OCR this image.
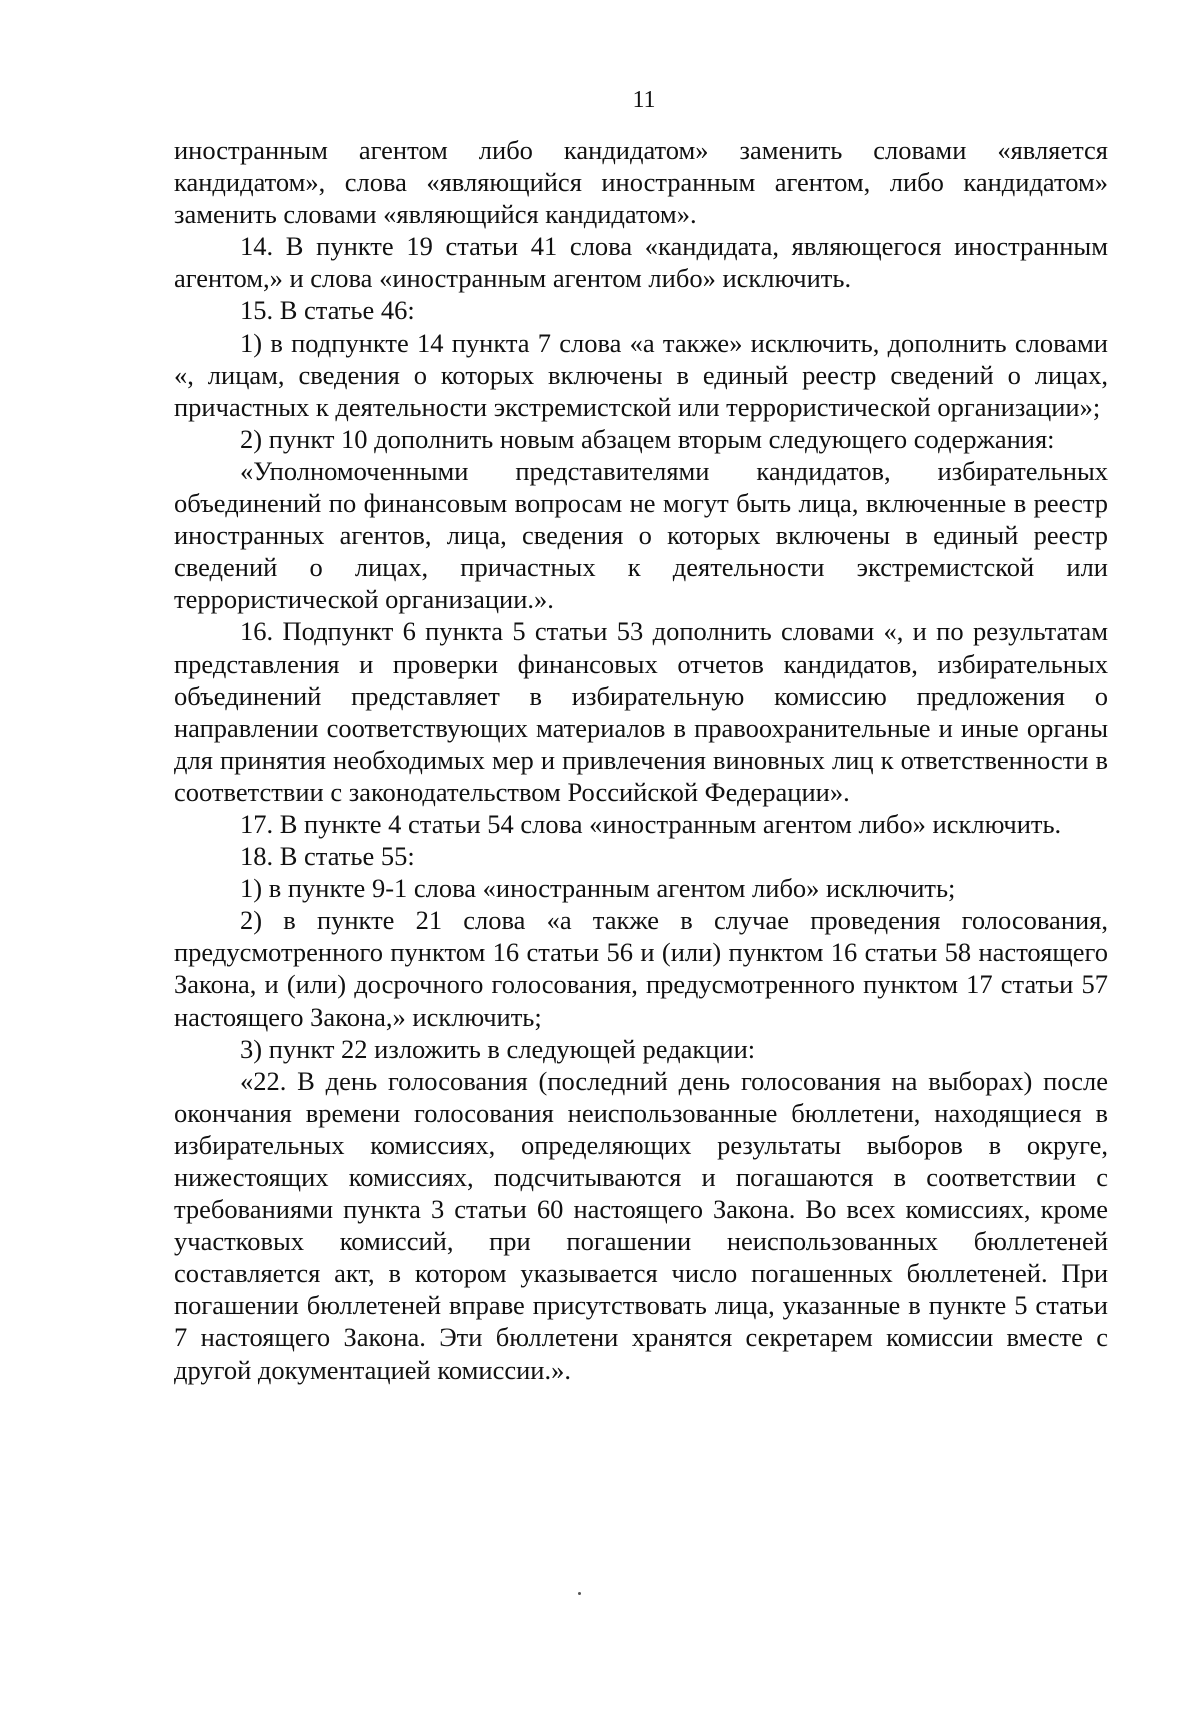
11

иностранным агентом либо кандидатом» заменить словами «является кандидатом», слова «являющийся иностранным агентом, либо кандидатом» заменить словами «являющийся кандидатом».

14. В пункте 19 статьи 41 слова «кандидата, являющегося иностранным агентом,» и слова «иностранным агентом либо» исключить.

15. В статье 46:

1) в подпункте 14 пункта 7 слова «а также» исключить, дополнить словами «, лицам, сведения о которых включены в единый реестр сведений о лицах, причастных к деятельности экстремистской или террористической организации»;

2) пункт 10 дополнить новым абзацем вторым следующего содержания:

«Уполномоченными представителями кандидатов, избирательных объединений по финансовым вопросам не могут быть лица, включенные в реестр иностранных агентов, лица, сведения о которых включены в единый реестр сведений о лицах, причастных к деятельности экстремистской или террористической организации.».

16. Подпункт 6 пункта 5 статьи 53 дополнить словами «, и по результатам представления и проверки финансовых отчетов кандидатов, избирательных объединений представляет в избирательную комиссию предложения о направлении соответствующих материалов в правоохранительные и иные органы для принятия необходимых мер и привлечения виновных лиц к ответственности в соответствии с законодательством Российской Федерации».

17. В пункте 4 статьи 54 слова «иностранным агентом либо» исключить.

18. В статье 55:

1) в пункте 9-1 слова «иностранным агентом либо» исключить;

2) в пункте 21 слова «а также в случае проведения голосования, предусмотренного пунктом 16 статьи 56 и (или) пунктом 16 статьи 58 настоящего Закона, и (или) досрочного голосования, предусмотренного пунктом 17 статьи 57 настоящего Закона,» исключить;

3) пункт 22 изложить в следующей редакции:

«22. В день голосования (последний день голосования на выборах) после окончания времени голосования неиспользованные бюллетени, находящиеся в избирательных комиссиях, определяющих результаты выборов в округе, нижестоящих комиссиях, подсчитываются и погашаются в соответствии с требованиями пункта 3 статьи 60 настоящего Закона. Во всех комиссиях, кроме участковых комиссий, при погашении неиспользованных бюллетеней составляется акт, в котором указывается число погашенных бюллетеней. При погашении бюллетеней вправе присутствовать лица, указанные в пункте 5 статьи 7 настоящего Закона. Эти бюллетени хранятся секретарем комиссии вместе с другой документацией комиссии.».
